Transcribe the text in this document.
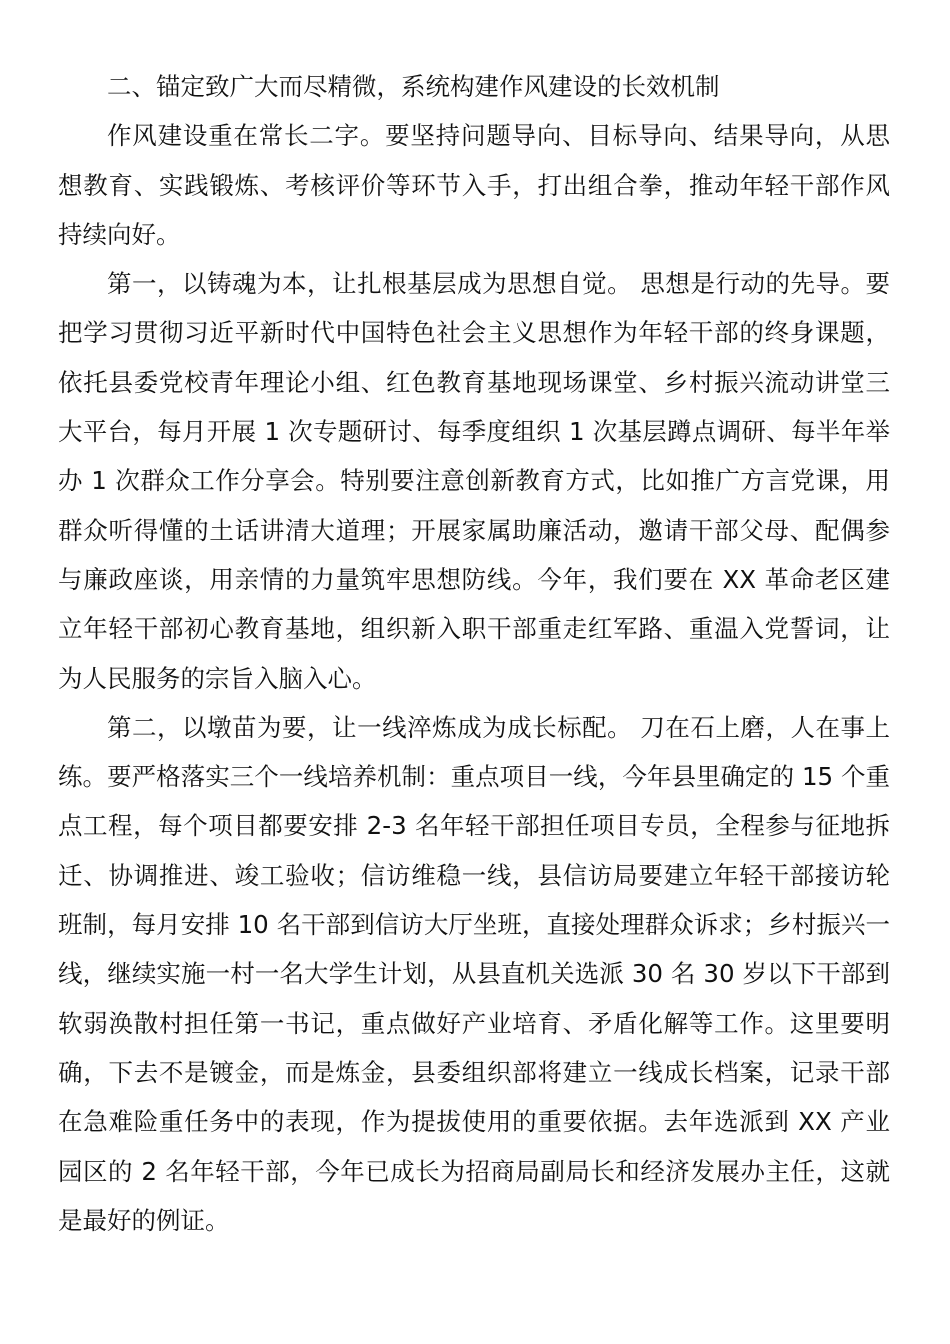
二、锚定致广大而尽精微，系统构建作风建设的长效机制

作风建设重在常长二字。要坚持问题导向、目标导向、结果导向，从思想教育、实践锻炼、考核评价等环节入手，打出组合拳，推动年轻干部作风持续向好。

第一，以铸魂为本，让扎根基层成为思想自觉。 思想是行动的先导。要把学习贯彻习近平新时代中国特色社会主义思想作为年轻干部的终身课题，依托县委党校青年理论小组、红色教育基地现场课堂、乡村振兴流动讲堂三大平台，每月开展 1 次专题研讨、每季度组织 1 次基层蹲点调研、每半年举办 1 次群众工作分享会。特别要注意创新教育方式，比如推广方言党课，用群众听得懂的土话讲清大道理；开展家属助廉活动，邀请干部父母、配偶参与廉政座谈，用亲情的力量筑牢思想防线。今年，我们要在 XX 革命老区建立年轻干部初心教育基地，组织新入职干部重走红军路、重温入党誓词，让为人民服务的宗旨入脑入心。

第二，以墩苗为要，让一线淬炼成为成长标配。 刀在石上磨，人在事上练。要严格落实三个一线培养机制：重点项目一线，今年县里确定的 15 个重点工程，每个项目都要安排 2-3 名年轻干部担任项目专员，全程参与征地拆迁、协调推进、竣工验收；信访维稳一线，县信访局要建立年轻干部接访轮班制，每月安排 10 名干部到信访大厅坐班，直接处理群众诉求；乡村振兴一线，继续实施一村一名大学生计划，从县直机关选派 30 名 30 岁以下干部到软弱涣散村担任第一书记，重点做好产业培育、矛盾化解等工作。这里要明确，下去不是镀金，而是炼金，县委组织部将建立一线成长档案，记录干部在急难险重任务中的表现，作为提拔使用的重要依据。去年选派到 XX 产业园区的 2 名年轻干部，今年已成长为招商局副局长和经济发展办主任，这就是最好的例证。
